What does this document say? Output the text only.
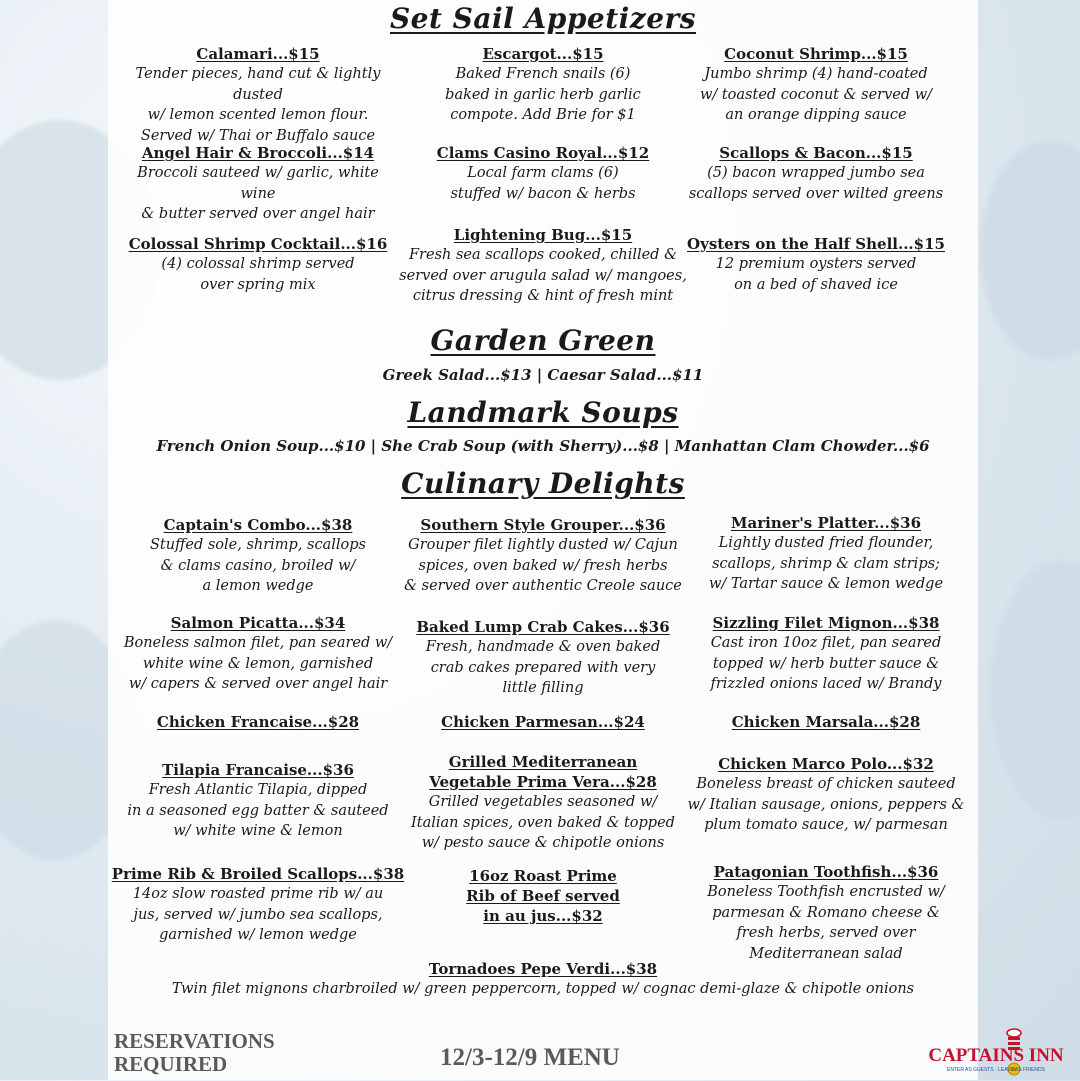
Set Sail Appetizers
Calamari...$15
Tender pieces, hand cut & lightly dusted
w/ lemon scented lemon flour.
Served w/ Thai or Buffalo sauce
Escargot...$15
Baked French snails (6)
baked in garlic herb garlic
compote. Add Brie for $1
Coconut Shrimp...$15
Jumbo shrimp (4) hand-coated
w/ toasted coconut & served w/
an orange dipping sauce
Angel Hair & Broccoli...$14
Broccoli sauteed w/ garlic, white wine
& butter served over angel hair
Clams Casino Royal...$12
Local farm clams (6)
stuffed w/ bacon & herbs
Scallops & Bacon...$15
(5) bacon wrapped jumbo sea
scallops served over wilted greens
Colossal Shrimp Cocktail...$16
(4) colossal shrimp served
over spring mix
Lightening Bug...$15
Fresh sea scallops cooked, chilled &
served over arugula salad w/ mangoes,
citrus dressing & hint of fresh mint
Oysters on the Half Shell...$15
12 premium oysters served
on a bed of shaved ice
Garden Green
Greek Salad...$13 | Caesar Salad...$11
Landmark Soups
French Onion Soup...$10 | She Crab Soup (with Sherry)...$8 | Manhattan Clam Chowder...$6
Culinary Delights
Captain's Combo...$38
Stuffed sole, shrimp, scallops
& clams casino, broiled w/
a lemon wedge
Southern Style Grouper...$36
Grouper filet lightly dusted w/ Cajun
spices, oven baked w/ fresh herbs
& served over authentic Creole sauce
Mariner's Platter...$36
Lightly dusted fried flounder,
scallops, shrimp & clam strips;
w/ Tartar sauce & lemon wedge
Salmon Picatta...$34
Boneless salmon filet, pan seared w/
white wine & lemon, garnished
w/ capers & served over angel hair
Baked Lump Crab Cakes...$36
Fresh, handmade & oven baked
crab cakes prepared with very
little filling
Sizzling Filet Mignon...$38
Cast iron 10oz filet, pan seared
topped w/ herb butter sauce &
frizzled onions laced w/ Brandy
Chicken Francaise...$28	Chicken Parmesan...$24	Chicken Marsala...$28
Tilapia Francaise...$36
Fresh Atlantic Tilapia, dipped
in a seasoned egg batter & sauteed
w/ white wine & lemon
Grilled Mediterranean
Vegetable Prima Vera...$28
Grilled vegetables seasoned w/
Italian spices, oven baked & topped
w/ pesto sauce & chipotle onions
Chicken Marco Polo...$32
Boneless breast of chicken sauteed
w/ Italian sausage, onions, peppers &
plum tomato sauce, w/ parmesan
Prime Rib & Broiled Scallops...$38
14oz slow roasted prime rib w/ au
jus, served w/ jumbo sea scallops,
garnished w/ lemon wedge
16oz Roast Prime
Rib of Beef served
in au jus...$32
Patagonian Toothfish...$36
Boneless Toothfish encrusted w/
parmesan & Romano cheese &
fresh herbs, served over
Mediterranean salad
Tornadoes Pepe Verdi...$38
Twin filet mignons charbroiled w/ green peppercorn, topped w/ cognac demi-glaze & chipotle onions
RESERVATIONS
REQUIRED	12/3-12/9 MENU	CAPTAINS INN
ENTER AS GUESTS · LEAVE AS FRIENDS
